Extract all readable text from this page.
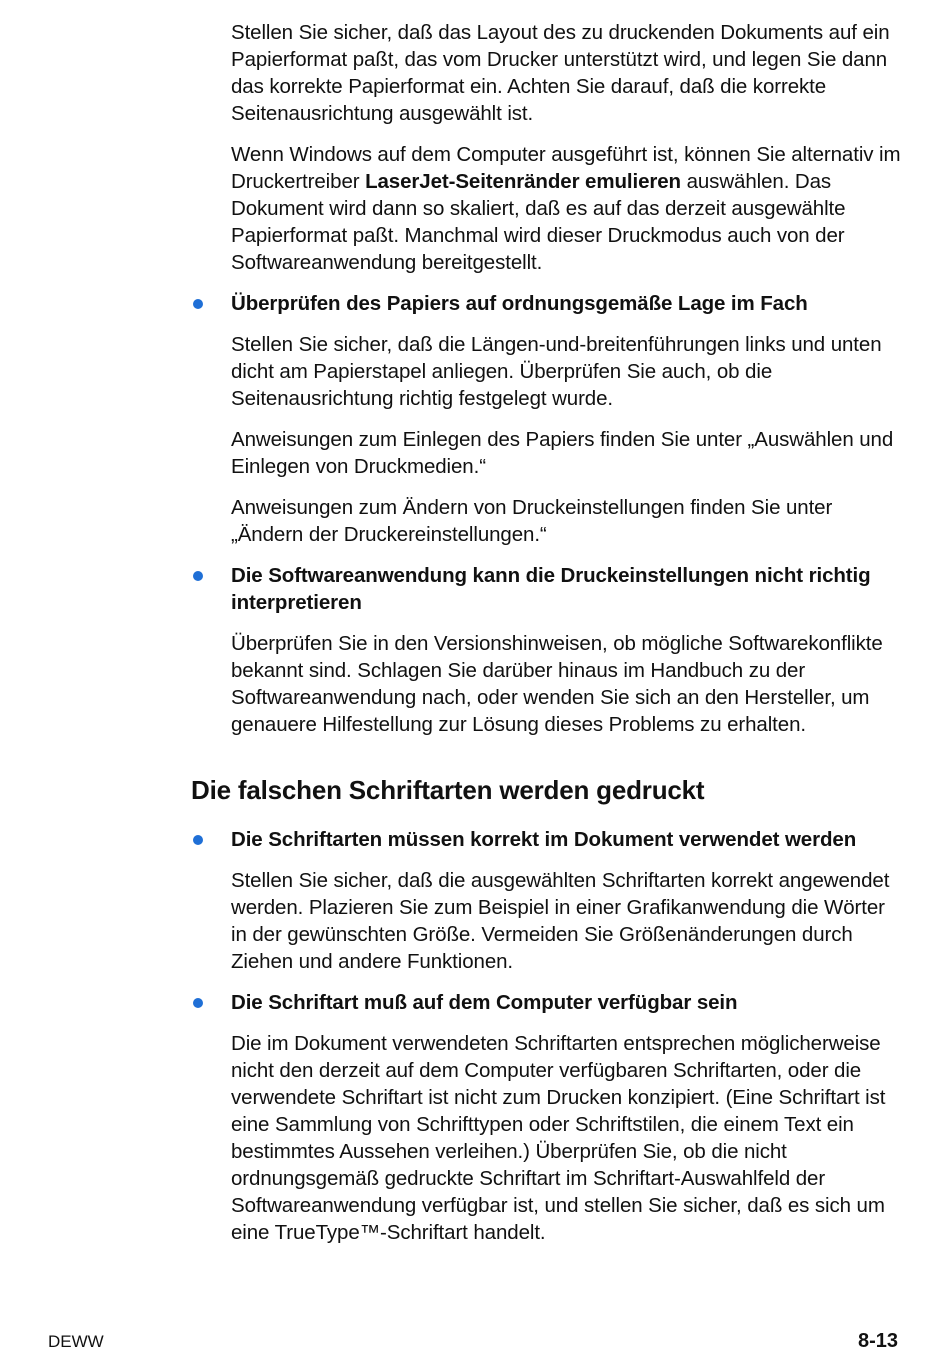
Stellen Sie sicher, daß das Layout des zu druckenden Dokuments auf ein Papierformat paßt, das vom Drucker unterstützt wird, und legen Sie dann das korrekte Papierformat ein. Achten Sie darauf, daß die korrekte Seitenausrichtung ausgewählt ist.

Wenn Windows auf dem Computer ausgeführt ist, können Sie alternativ im Druckertreiber LaserJet-Seitenränder emulieren auswählen. Das Dokument wird dann so skaliert, daß es auf das derzeit ausgewählte Papierformat paßt. Manchmal wird dieser Druckmodus auch von der Softwareanwendung bereitgestellt.

Überprüfen des Papiers auf ordnungsgemäße Lage im Fach

Stellen Sie sicher, daß die Längen-und-breitenführungen links und unten dicht am Papierstapel anliegen. Überprüfen Sie auch, ob die Seitenausrichtung richtig festgelegt wurde.

Anweisungen zum Einlegen des Papiers finden Sie unter „Auswählen und Einlegen von Druckmedien.“

Anweisungen zum Ändern von Druckeinstellungen finden Sie unter „Ändern der Druckereinstellungen.“

Die Softwareanwendung kann die Druckeinstellungen nicht richtig interpretieren

Überprüfen Sie in den Versionshinweisen, ob mögliche Softwarekonflikte bekannt sind. Schlagen Sie darüber hinaus im Handbuch zu der Softwareanwendung nach, oder wenden Sie sich an den Hersteller, um genauere Hilfestellung zur Lösung dieses Problems zu erhalten.

Die falschen Schriftarten werden gedruckt
Die Schriftarten müssen korrekt im Dokument verwendet werden

Stellen Sie sicher, daß die ausgewählten Schriftarten korrekt angewendet werden. Plazieren Sie zum Beispiel in einer Grafikanwendung die Wörter in der gewünschten Größe. Vermeiden Sie Größenänderungen durch Ziehen und andere Funktionen.

Die Schriftart muß auf dem Computer verfügbar sein

Die im Dokument verwendeten Schriftarten entsprechen möglicherweise nicht den derzeit auf dem Computer verfügbaren Schriftarten, oder die verwendete Schriftart ist nicht zum Drucken konzipiert. (Eine Schriftart ist eine Sammlung von Schrifttypen oder Schriftstilen, die einem Text ein bestimmtes Aussehen verleihen.) Überprüfen Sie, ob die nicht ordnungsgemäß gedruckte Schriftart im Schriftart-Auswahlfeld der Softwareanwendung verfügbar ist, und stellen Sie sicher, daß es sich um eine TrueType™-Schriftart handelt.

DEWW	8-13
